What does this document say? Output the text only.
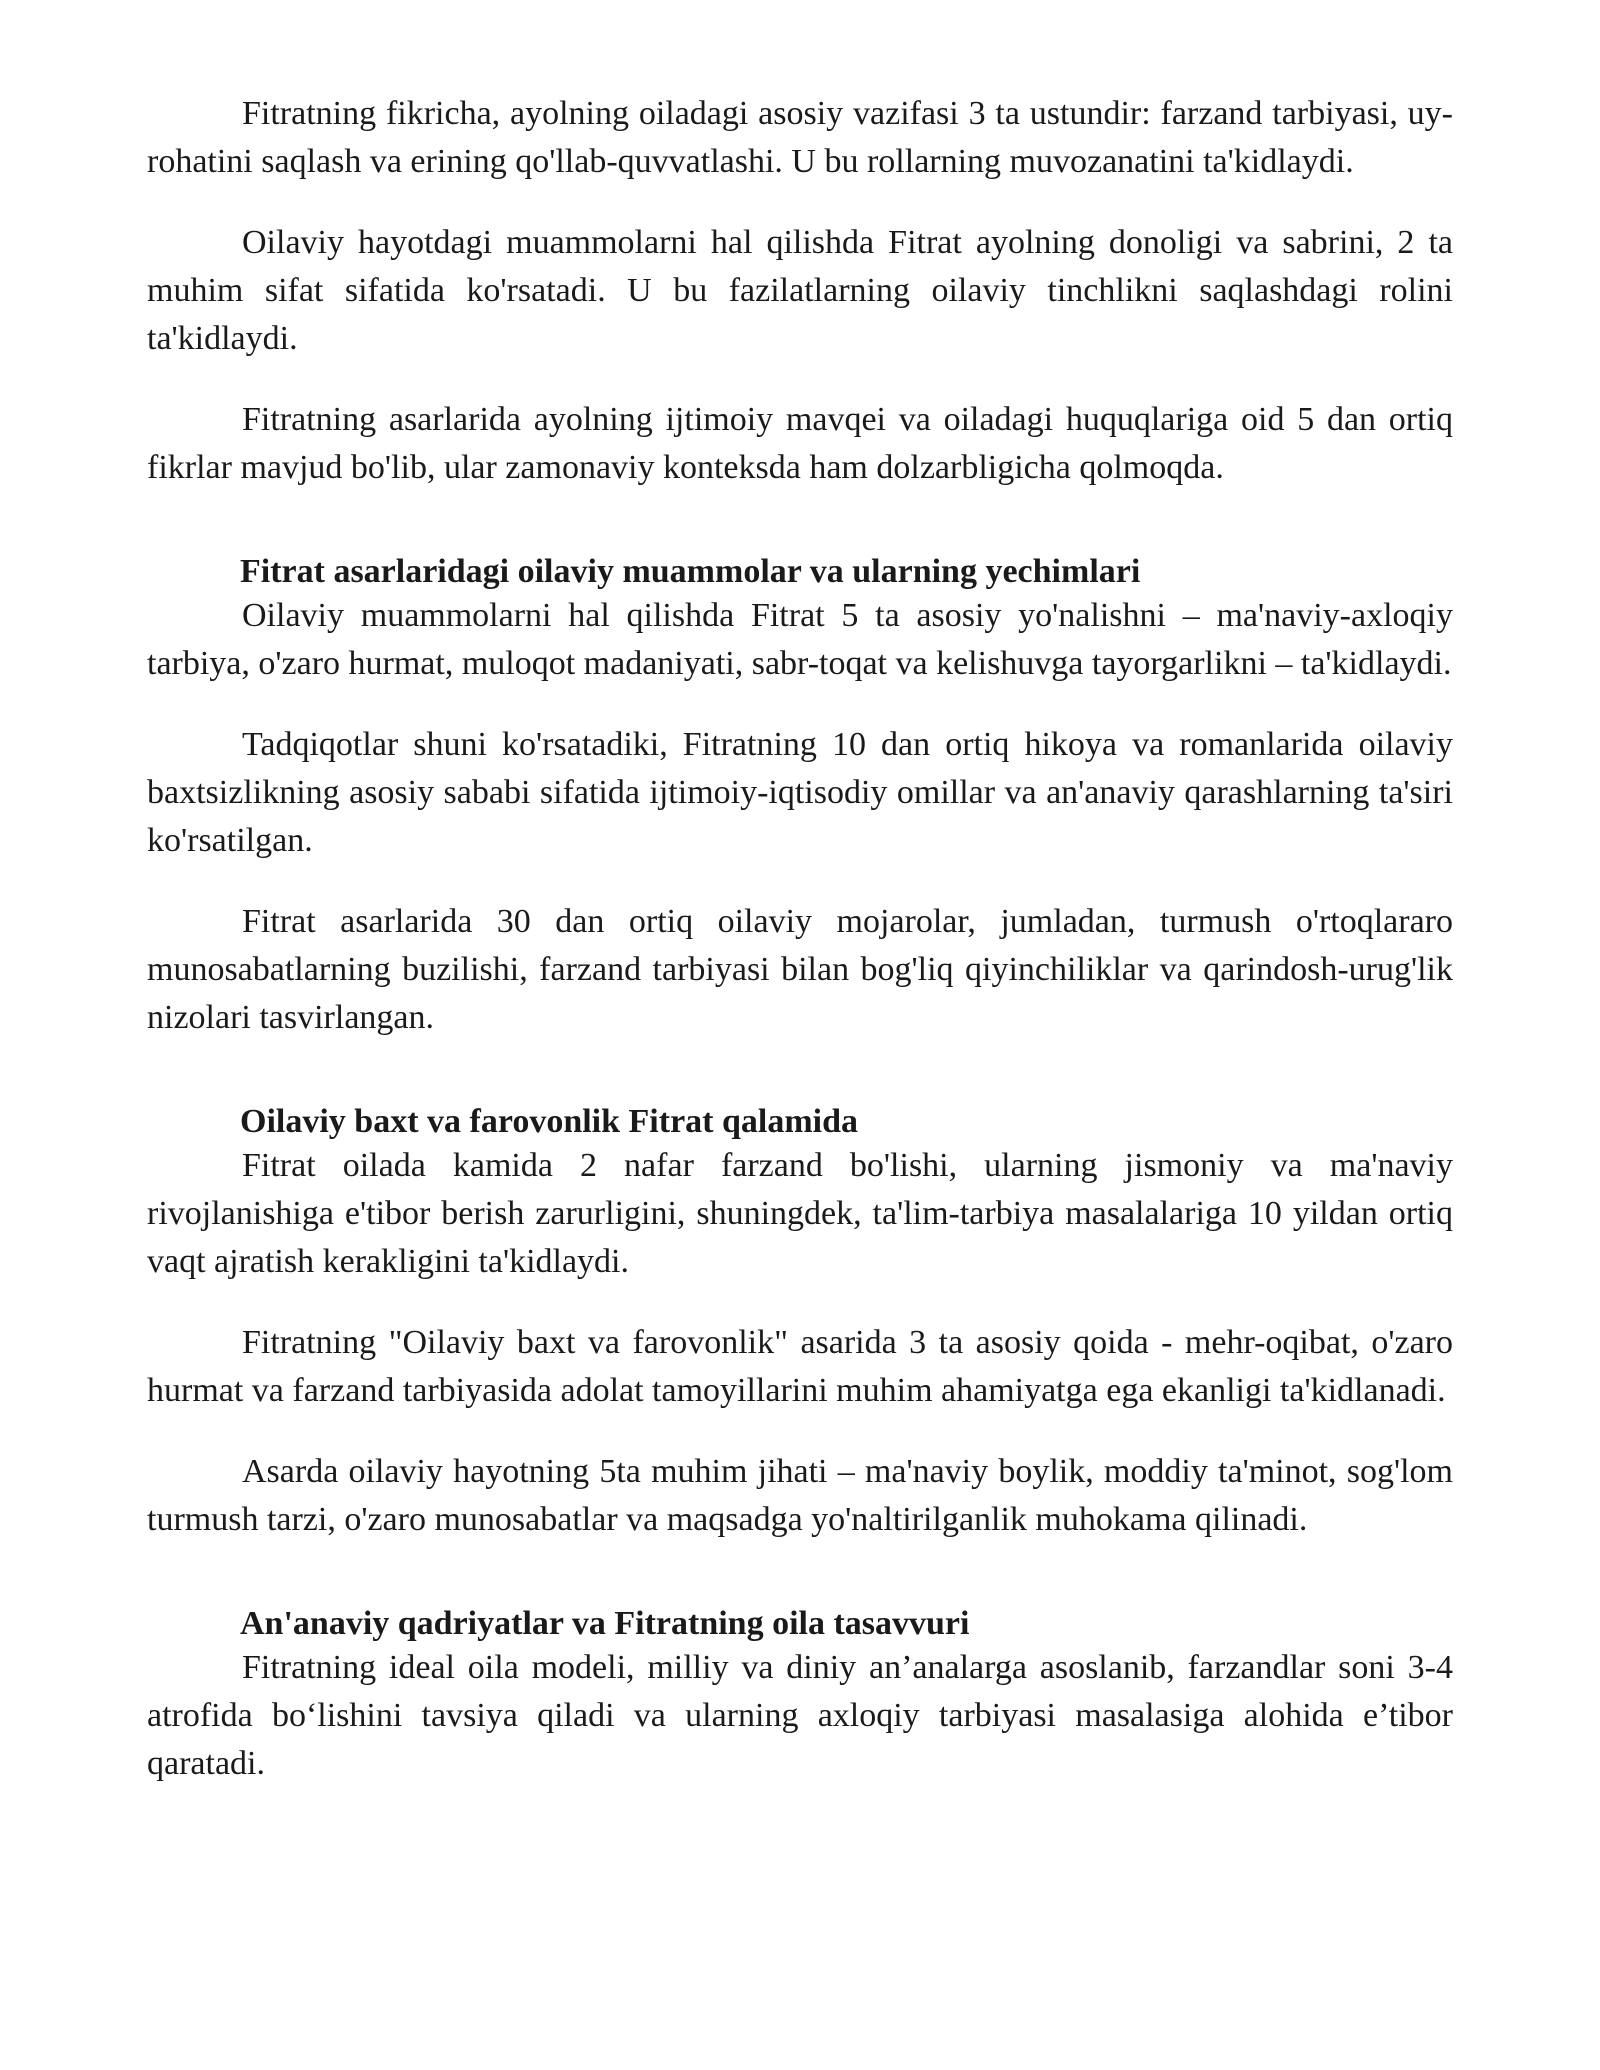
Fitratning fikricha, ayolning oiladagi asosiy vazifasi 3 ta ustundir: farzand tarbiyasi, uy-rohatini saqlash va erining qo'llab-quvvatlashi. U bu rollarning muvozanatini ta'kidlaydi.

Oilaviy hayotdagi muammolarni hal qilishda Fitrat ayolning donoligi va sabrini, 2 ta muhim sifat sifatida ko'rsatadi. U bu fazilatlarning oilaviy tinchlikni saqlashdagi rolini ta'kidlaydi.

Fitratning asarlarida ayolning ijtimoiy mavqei va oiladagi huquqlariga oid 5 dan ortiq fikrlar mavjud bo'lib, ular zamonaviy konteksda ham dolzarbligicha qolmoqda.

Fitrat asarlaridagi oilaviy muammolar va ularning yechimlari

Oilaviy muammolarni hal qilishda Fitrat 5 ta asosiy yo'nalishni – ma'naviy-axloqiy tarbiya, o'zaro hurmat, muloqot madaniyati, sabr-toqat va kelishuvga tayorgarlikni – ta'kidlaydi.

Tadqiqotlar shuni ko'rsatadiki, Fitratning 10 dan ortiq hikoya va romanlarida oilaviy baxtsizlikning asosiy sababi sifatida ijtimoiy-iqtisodiy omillar va an'anaviy qarashlarning ta'siri ko'rsatilgan.

Fitrat asarlarida 30 dan ortiq oilaviy mojarolar, jumladan, turmush o'rtoqlararo munosabatlarning buzilishi, farzand tarbiyasi bilan bog'liq qiyinchiliklar va qarindosh-urug'lik nizolari tasvirlangan.

Oilaviy baxt va farovonlik Fitrat qalamida

Fitrat oilada kamida 2 nafar farzand bo'lishi, ularning jismoniy va ma'naviy rivojlanishiga e'tibor berish zarurligini, shuningdek, ta'lim-tarbiya masalalariga 10 yildan ortiq vaqt ajratish kerakligini ta'kidlaydi.

Fitratning "Oilaviy baxt va farovonlik" asarida 3 ta asosiy qoida - mehr-oqibat, o'zaro hurmat va farzand tarbiyasida adolat tamoyillarini muhim ahamiyatga ega ekanligi ta'kidlanadi.

Asarda oilaviy hayotning 5ta muhim jihati – ma'naviy boylik, moddiy ta'minot, sog'lom turmush tarzi, o'zaro munosabatlar va maqsadga yo'naltirilganlik muhokama qilinadi.

An'anaviy qadriyatlar va Fitratning oila tasavvuri

Fitratning ideal oila modeli, milliy va diniy an’analarga asoslanib, farzandlar soni 3-4 atrofida bo‘lishini tavsiya qiladi va ularning axloqiy tarbiyasi masalasiga alohida e’tibor qaratadi.
